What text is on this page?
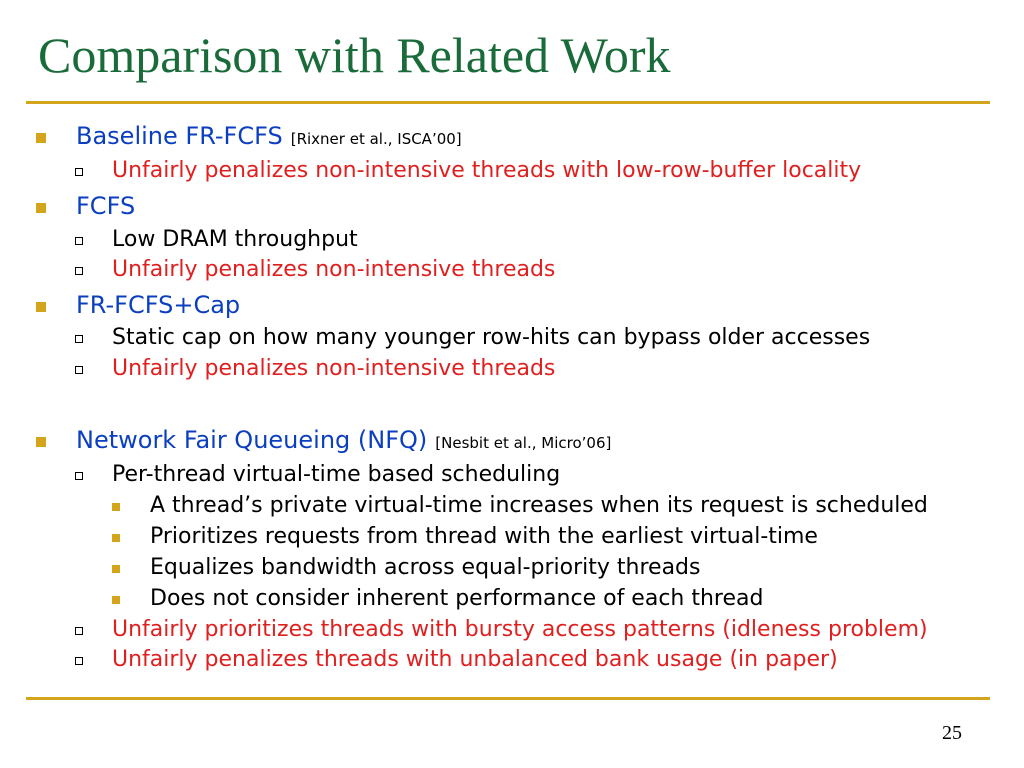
Comparison with Related Work
Baseline FR-FCFS [Rixner et al., ISCA’00]
Unfairly penalizes non-intensive threads with low-row-buffer locality
FCFS
Low DRAM throughput
Unfairly penalizes non-intensive threads
FR-FCFS+Cap
Static cap on how many younger row-hits can bypass older accesses
Unfairly penalizes non-intensive threads
Network Fair Queueing (NFQ) [Nesbit et al., Micro’06]
Per-thread virtual-time based scheduling
A thread’s private virtual-time increases when its request is scheduled
Prioritizes requests from thread with the earliest virtual-time
Equalizes bandwidth across equal-priority threads
Does not consider inherent performance of each thread
Unfairly prioritizes threads with bursty access patterns (idleness problem)
Unfairly penalizes threads with unbalanced bank usage (in paper)
25
